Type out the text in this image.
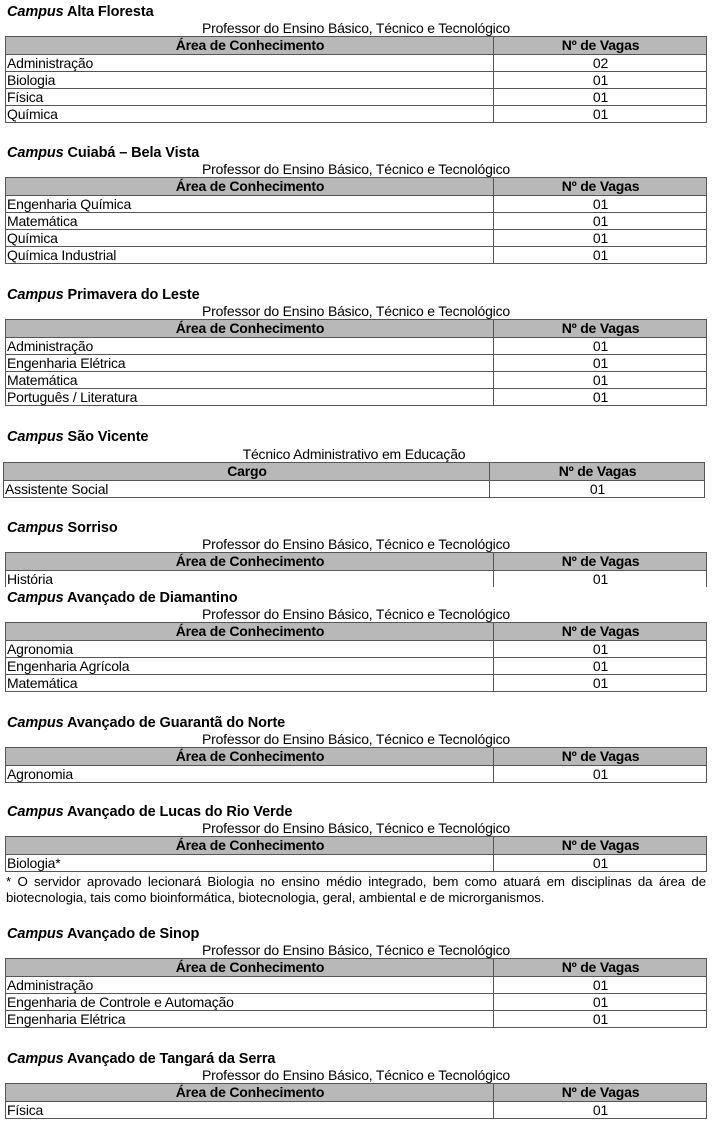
Campus Alta Floresta
Professor do Ensino Básico, Técnico e Tecnológico
Área de Conhecimento	Nº de Vagas
Administração	02
Biologia	01
Física	01
Química	01
Campus Cuiabá – Bela Vista
Professor do Ensino Básico, Técnico e Tecnológico
Área de Conhecimento	Nº de Vagas
Engenharia Química	01
Matemática	01
Química	01
Química Industrial	01
Campus Primavera do Leste
Professor do Ensino Básico, Técnico e Tecnológico
Área de Conhecimento	Nº de Vagas
Administração	01
Engenharia Elétrica	01
Matemática	01
Português / Literatura	01
Campus São Vicente
Técnico Administrativo em Educação
Cargo	Nº de Vagas
Assistente Social	01
Campus Sorriso
Professor do Ensino Básico, Técnico e Tecnológico
Área de Conhecimento	Nº de Vagas
História	01
Campus Avançado de Diamantino
Professor do Ensino Básico, Técnico e Tecnológico
Área de Conhecimento	Nº de Vagas
Agronomia	01
Engenharia Agrícola	01
Matemática	01
Campus Avançado de Guarantã do Norte
Professor do Ensino Básico, Técnico e Tecnológico
Área de Conhecimento	Nº de Vagas
Agronomia	01
Campus Avançado de Lucas do Rio Verde
Professor do Ensino Básico, Técnico e Tecnológico
Área de Conhecimento	Nº de Vagas
Biologia*	01
* O servidor aprovado lecionará Biologia no ensino médio integrado, bem como atuará em disciplinas da área de biotecnologia, tais como bioinformática, biotecnologia, geral, ambiental e de microrganismos.
Campus Avançado de Sinop
Professor do Ensino Básico, Técnico e Tecnológico
Área de Conhecimento	Nº de Vagas
Administração	01
Engenharia de Controle e Automação	01
Engenharia Elétrica	01
Campus Avançado de Tangará da Serra
Professor do Ensino Básico, Técnico e Tecnológico
Área de Conhecimento	Nº de Vagas
Física	01
